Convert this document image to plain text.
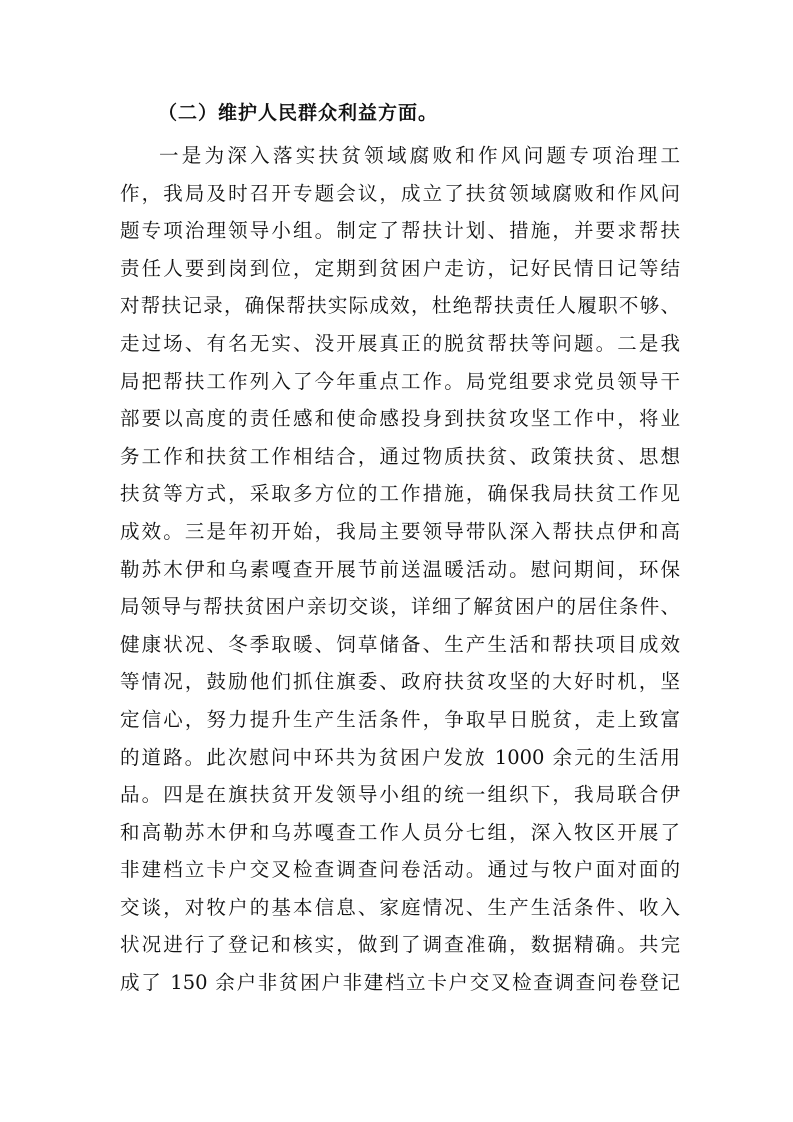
（二）维护人民群众利益方面。
一是为深入落实扶贫领域腐败和作风问题专项治理工
作，我局及时召开专题会议，成立了扶贫领域腐败和作风问
题专项治理领导小组。制定了帮扶计划、措施，并要求帮扶
责任人要到岗到位，定期到贫困户走访，记好民情日记等结
对帮扶记录，确保帮扶实际成效，杜绝帮扶责任人履职不够、
走过场、有名无实、没开展真正的脱贫帮扶等问题。二是我
局把帮扶工作列入了今年重点工作。局党组要求党员领导干
部要以高度的责任感和使命感投身到扶贫攻坚工作中，将业
务工作和扶贫工作相结合，通过物质扶贫、政策扶贫、思想
扶贫等方式，采取多方位的工作措施，确保我局扶贫工作见
成效。三是年初开始，我局主要领导带队深入帮扶点伊和高
勒苏木伊和乌素嘎查开展节前送温暖活动。慰问期间，环保
局领导与帮扶贫困户亲切交谈，详细了解贫困户的居住条件、
健康状况、冬季取暖、饲草储备、生产生活和帮扶项目成效
等情况，鼓励他们抓住旗委、政府扶贫攻坚的大好时机，坚
定信心，努力提升生产生活条件，争取早日脱贫，走上致富
的道路。此次慰问中环共为贫困户发放 1000 余元的生活用
品。四是在旗扶贫开发领导小组的统一组织下，我局联合伊
和高勒苏木伊和乌苏嘎查工作人员分七组，深入牧区开展了
非建档立卡户交叉检查调查问卷活动。通过与牧户面对面的
交谈，对牧户的基本信息、家庭情况、生产生活条件、收入
状况进行了登记和核实，做到了调查准确，数据精确。共完
成了 150 余户非贫困户非建档立卡户交叉检查调查问卷登记
